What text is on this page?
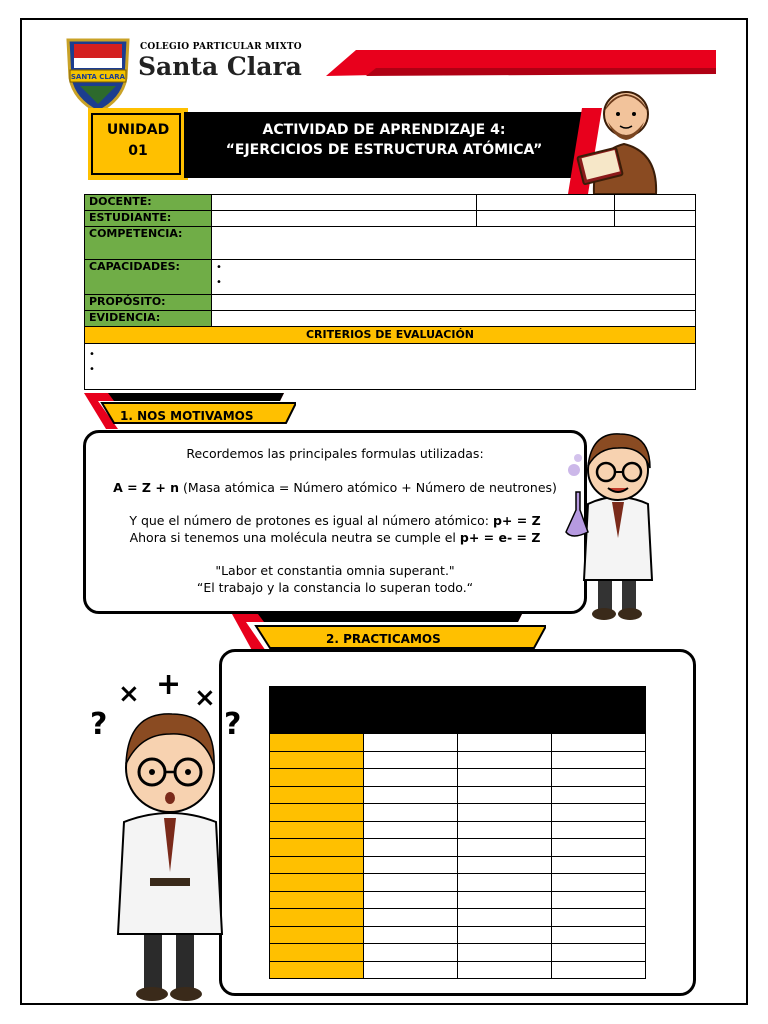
SANTA CLARA
COLEGIO PARTICULAR MIXTO
Santa Clara
UNIDAD
01
ACTIVIDAD DE APRENDIZAJE 4:
“EJERCICIOS DE ESTRUCTURA ATÓMICA”
DOCENTE:			
ESTUDIANTE:			
COMPETENCIA:			
CAPACIDADES:	•
•		

PROPÓSITO:			
EVIDENCIA:			
CRITERIOS DE EVALUACIÓN			

•
•			
1. NOS MOTIVAMOS

Recordemos las principales formulas utilizadas:

A = Z + n (Masa atómica = Número atómico + Número de neutrones)

Y que el número de protones es igual al número atómico: p+ = Z

Ahora si tenemos una molécula neutra se cumple el p+ = e- = Z

"Labor et constantia omnia superant."

“El trabajo y la constancia lo superan todo.“

2. PRACTICAMOS

?
× + ×
?
